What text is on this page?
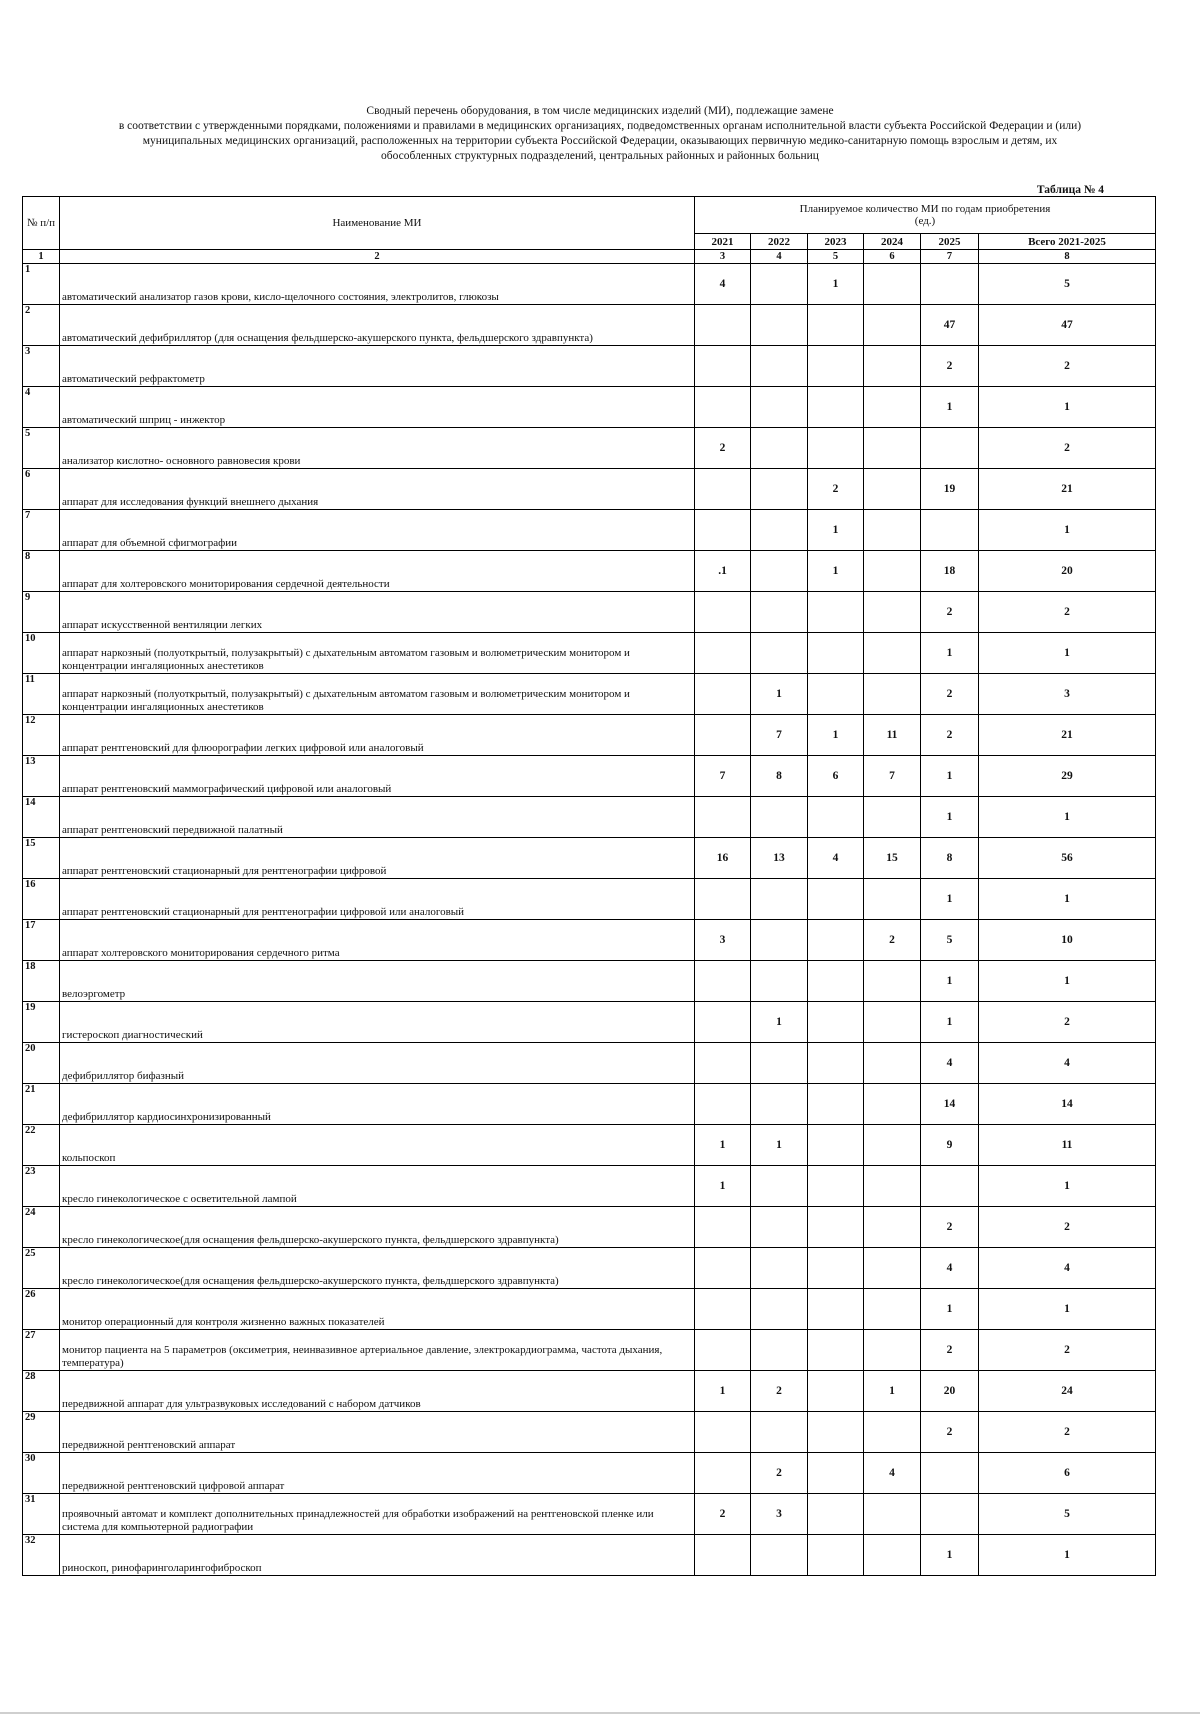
Сводный перечень оборудования, в том числе медицинских изделий (МИ), подлежащие замене
в соответствии с утвержденными порядками, положениями и правилами в медицинских организациях, подведомственных органам исполнительной власти субъекта Российской Федерации и (или)
муниципальных медицинских организаций, расположенных на территории субъекта Российской Федерации, оказывающих первичную медико-санитарную помощь взрослым и детям, их
обособленных структурных подразделений, центральных районных и районных больниц
Таблица № 4
№ п/п	Наименование МИ	Планируемое количество МИ по годам приобретения
(ед.)					

		2021	2022	2023	2024	2025	Всего 2021-2025
1	2	3	4	5	6	7	8
1	автоматический анализатор газов крови, кисло-щелочного состояния, электролитов, глюкозы	4		1			5
2	автоматический дефибриллятор (для оснащения фельдшерско-акушерского пункта, фельдшерского здравпункта)					47	47
3	автоматический рефрактометр					2	2
4	автоматический шприц - инжектор					1	1
5	анализатор кислотно- основного равновесия крови	2					2
6	аппарат для исследования функций внешнего дыхания			2		19	21
7	аппарат для объемной сфигмографии			1			1
8	аппарат для холтеровского мониторирования сердечной деятельности	.1		1		18	20
9	аппарат искусственной вентиляции легких					2	2
10	аппарат наркозный (полуоткрытый, полузакрытый) с дыхательным автоматом газовым и волюметрическим монитором и концентрации ингаляционных анестетиков					1	1
11	аппарат наркозный (полуоткрытый, полузакрытый) с дыхательным автоматом газовым и волюметрическим монитором и концентрации ингаляционных анестетиков		1			2	3
12	аппарат рентгеновский для флюорографии легких цифровой или аналоговый		7	1	11	2	21
13	аппарат рентгеновский маммографический цифровой или аналоговый	7	8	6	7	1	29
14	аппарат рентгеновский передвижной палатный					1	1
15	аппарат рентгеновский стационарный для рентгенографии цифровой	16	13	4	15	8	56
16	аппарат рентгеновский стационарный для рентгенографии цифровой или аналоговый					1	1
17	аппарат холтеровского мониторирования сердечного ритма	3			2	5	10
18	велоэргометр					1	1
19	гистероскоп диагностический		1			1	2
20	дефибриллятор бифазный					4	4
21	дефибриллятор кардиосинхронизированный					14	14
22	кольпоскоп	1	1			9	11
23	кресло гинекологическое с осветительной лампой	1					1
24	кресло гинекологическое(для оснащения фельдшерско-акушерского пункта, фельдшерского здравпункта)					2	2
25	кресло гинекологическое(для оснащения фельдшерско-акушерского пункта, фельдшерского здравпункта)					4	4
26	монитор операционный для контроля жизненно важных показателей					1	1
27	монитор пациента на 5 параметров (оксиметрия, неинвазивное артериальное давление, электрокардиограмма, частота дыхания, температура)					2	2
28	передвижной аппарат для ультразвуковых исследований с набором датчиков	1	2		1	20	24
29	передвижной рентгеновский аппарат					2	2
30	передвижной рентгеновский цифровой аппарат		2		4		6
31	проявочный автомат и комплект дополнительных принадлежностей для обработки изображений на рентгеновской пленке или система для компьютерной радиографии	2	3				5
32	риноскоп, ринофаринголарингофиброскоп					1	1
